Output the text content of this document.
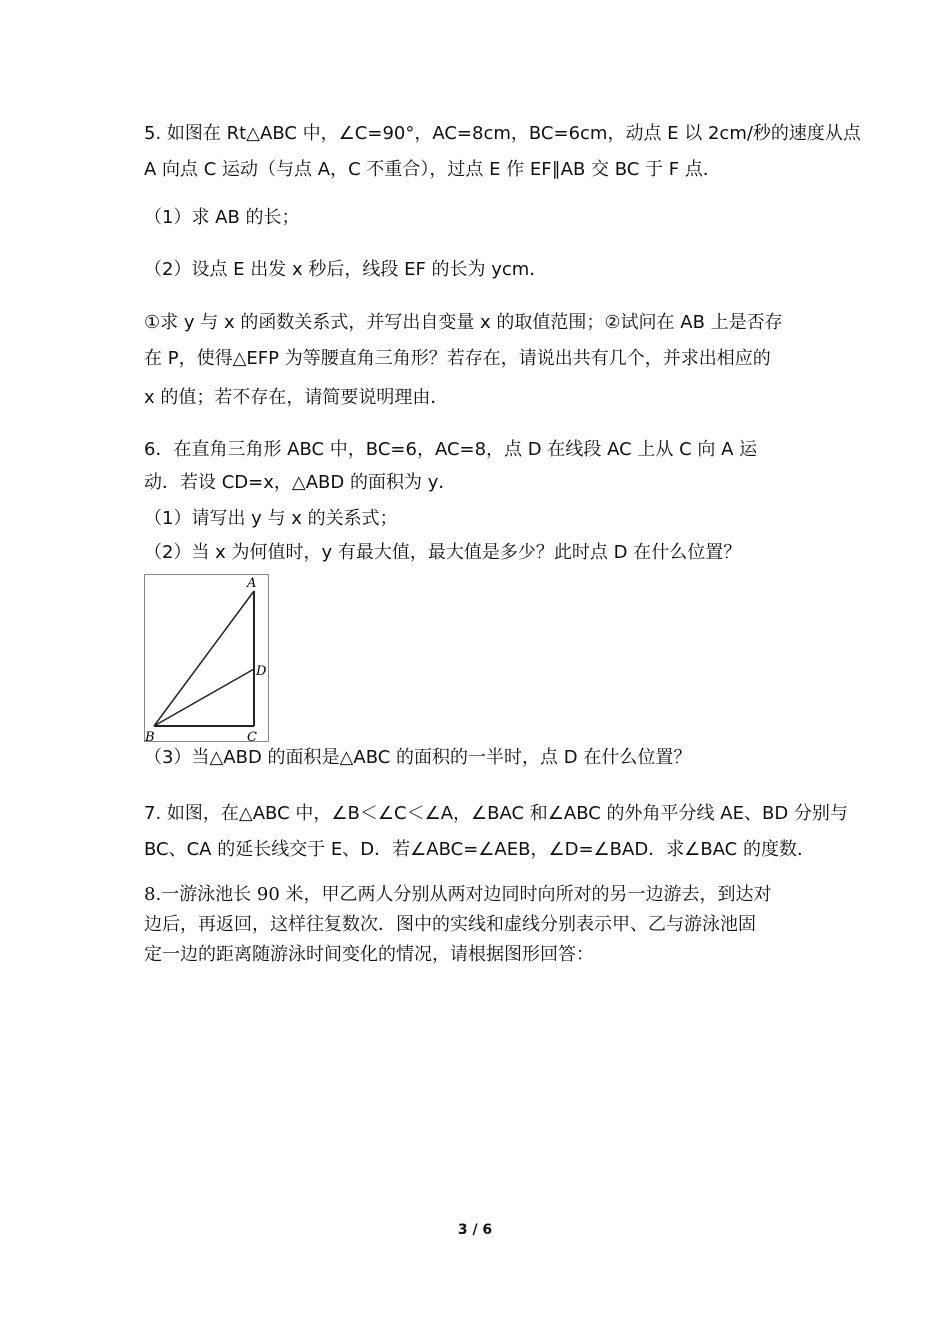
5. 如图在 Rt△ABC 中，∠C=90°，AC=8cm，BC=6cm，动点 E 以 2cm/秒的速度从点
A 向点 C 运动（与点 A，C 不重合），过点 E 作 EF∥AB 交 BC 于 F 点．
（1）求 AB 的长；
（2）设点 E 出发 x 秒后，线段 EF 的长为 ycm．
①求 y 与 x 的函数关系式，并写出自变量 x 的取值范围；②试问在 AB 上是否存
在 P，使得△EFP 为等腰直角三角形？若存在，请说出共有几个，并求出相应的
x 的值；若不存在，请简要说明理由．
6．在直角三角形 ABC 中，BC=6，AC=8，点 D 在线段 AC 上从 C 向 A 运
动．若设 CD=x，△ABD 的面积为 y．
（1）请写出 y 与 x 的关系式；
（2）当 x 为何值时，y 有最大值，最大值是多少？此时点 D 在什么位置？
A
D
B	C
（3）当△ABD 的面积是△ABC 的面积的一半时，点 D 在什么位置？
7. 如图，在△ABC 中，∠B＜∠C＜∠A，∠BAC 和∠ABC 的外角平分线 AE、BD 分别与
BC、CA 的延长线交于 E、D．若∠ABC=∠AEB，∠D=∠BAD．求∠BAC 的度数．
8.一游泳池长 90 米，甲乙两人分别从两对边同时向所对的另一边游去，到达对
边后，再返回，这样往复数次．图中的实线和虚线分别表示甲、乙与游泳池固
定一边的距离随游泳时间变化的情况，请根据图形回答：
3 / 6
